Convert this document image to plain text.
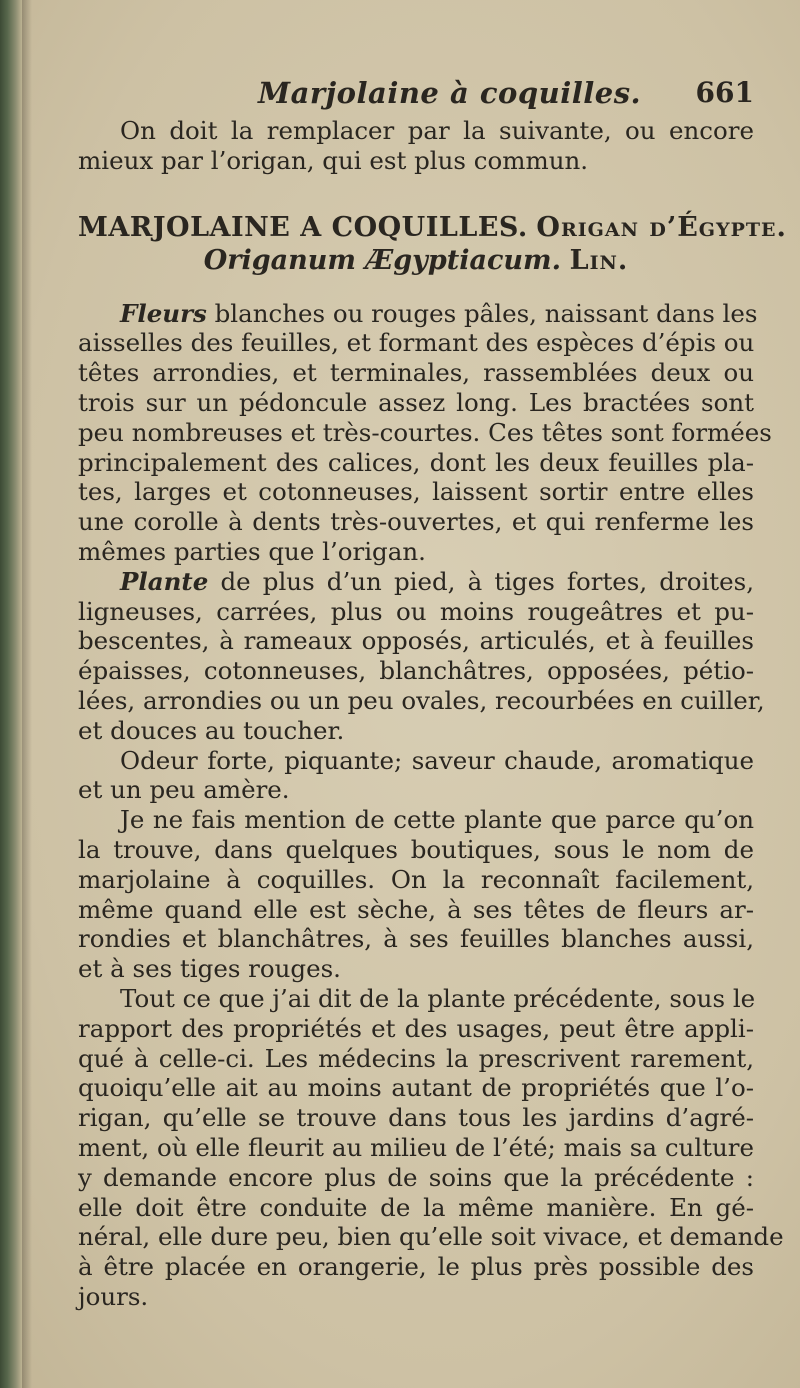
Marjolaine à coquilles. 661
On doit la remplacer par la suivante, ou encore
mieux par l’origan, qui est plus commun.
MARJOLAINE A COQUILLES. Origan d’Égypte.
Origanum Ægyptiacum. Lin.
Fleurs blanches ou rouges pâles, naissant dans les
aisselles des feuilles, et formant des espèces d’épis ou
têtes arrondies, et terminales, rassemblées deux ou
trois sur un pédoncule assez long. Les bractées sont
peu nombreuses et très-courtes. Ces têtes sont formées
principalement des calices, dont les deux feuilles pla-
tes, larges et cotonneuses, laissent sortir entre elles
une corolle à dents très-ouvertes, et qui renferme les
mêmes parties que l’origan.
Plante de plus d’un pied, à tiges fortes, droites,
ligneuses, carrées, plus ou moins rougeâtres et pu-
bescentes, à rameaux opposés, articulés, et à feuilles
épaisses, cotonneuses, blanchâtres, opposées, pétio-
lées, arrondies ou un peu ovales, recourbées en cuiller,
et douces au toucher.
Odeur forte, piquante; saveur chaude, aromatique
et un peu amère.
Je ne fais mention de cette plante que parce qu’on
la trouve, dans quelques boutiques, sous le nom de
marjolaine à coquilles. On la reconnaît facilement,
même quand elle est sèche, à ses têtes de fleurs ar-
rondies et blanchâtres, à ses feuilles blanches aussi,
et à ses tiges rouges.
Tout ce que j’ai dit de la plante précédente, sous le
rapport des propriétés et des usages, peut être appli-
qué à celle-ci. Les médecins la prescrivent rarement,
quoiqu’elle ait au moins autant de propriétés que l’o-
rigan, qu’elle se trouve dans tous les jardins d’agré-
ment, où elle fleurit au milieu de l’été; mais sa culture
y demande encore plus de soins que la précédente :
elle doit être conduite de la même manière. En gé-
néral, elle dure peu, bien qu’elle soit vivace, et demande
à être placée en orangerie, le plus près possible des
jours.
